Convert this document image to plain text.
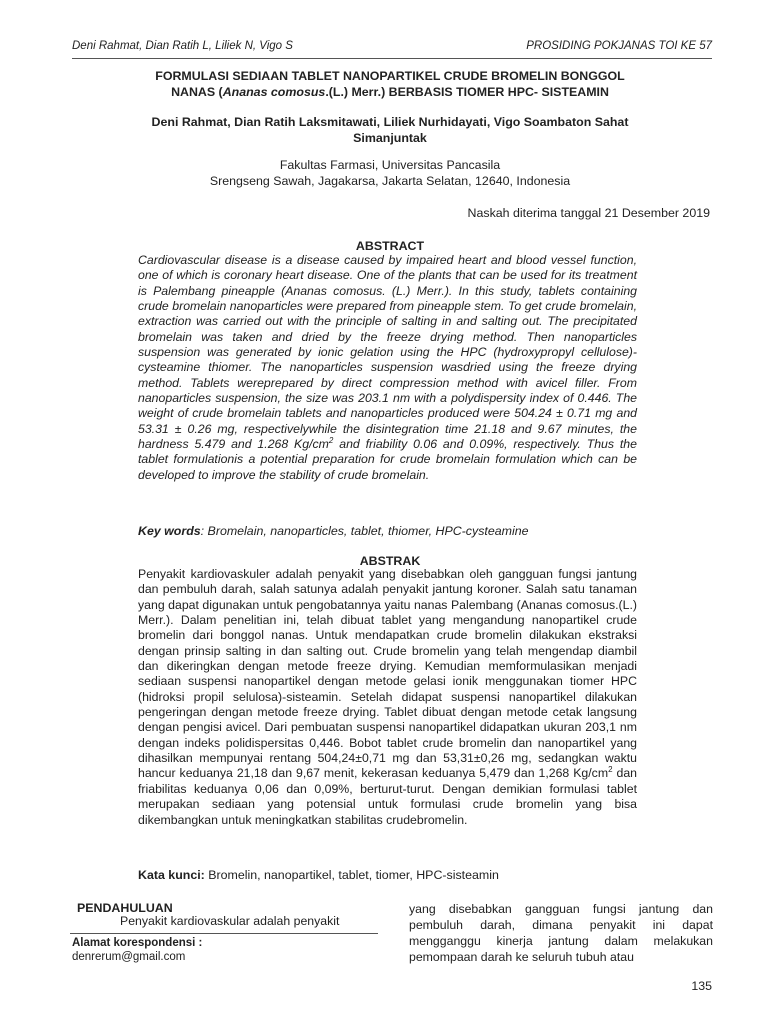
Deni Rahmat, Dian Ratih L, Liliek N, Vigo S	PROSIDING POKJANAS TOI KE 57
FORMULASI SEDIAAN TABLET NANOPARTIKEL CRUDE BROMELIN BONGGOL
NANAS (Ananas comosus.(L.) Merr.) BERBASIS TIOMER HPC- SISTEAMIN
Deni Rahmat, Dian Ratih Laksmitawati, Liliek Nurhidayati, Vigo Soambaton Sahat
Simanjuntak
Fakultas Farmasi, Universitas Pancasila
Srengseng Sawah, Jagakarsa, Jakarta Selatan, 12640, Indonesia
Naskah diterima tanggal 21 Desember 2019
ABSTRACT

Cardiovascular disease is a disease caused by impaired heart and blood vessel function, one of which is coronary heart disease. One of the plants that can be used for its treatment is Palembang pineapple (Ananas comosus. (L.) Merr.). In this study, tablets containing crude bromelain nanoparticles were prepared from pineapple stem. To get crude bromelain, extraction was carried out with the principle of salting in and salting out. The precipitated bromelain was taken and dried by the freeze drying method. Then nanoparticles suspension was generated by ionic gelation using the HPC (hydroxypropyl cellulose)-cysteamine thiomer. The nanoparticles suspension wasdried using the freeze drying method. Tablets wereprepared by direct compression method with avicel filler. From nanoparticles suspension, the size was 203.1 nm with a polydispersity index of 0.446. The weight of crude bromelain tablets and nanoparticles produced were 504.24 ± 0.71 mg and 53.31 ± 0.26 mg, respectivelywhile the disintegration time 21.18 and 9.67 minutes, the hardness 5.479 and 1.268 $Kg/cm^2$ and friability 0.06 and 0.09%, respectively. Thus the tablet formulationis a potential preparation for crude bromelain formulation which can be developed to improve the stability of crude bromelain.

Key words: Bromelain, nanoparticles, tablet, thiomer, HPC-cysteamine
ABSTRAK

Penyakit kardiovaskuler adalah penyakit yang disebabkan oleh gangguan fungsi jantung dan pembuluh darah, salah satunya adalah penyakit jantung koroner. Salah satu tanaman yang dapat digunakan untuk pengobatannya yaitu nanas Palembang (Ananas comosus.(L.) Merr.). Dalam penelitian ini, telah dibuat tablet yang mengandung nanopartikel crude bromelin dari bonggol nanas. Untuk mendapatkan crude bromelin dilakukan ekstraksi dengan prinsip salting in dan salting out. Crude bromelin yang telah mengendap diambil dan dikeringkan dengan metode freeze drying. Kemudian memformulasikan menjadi sediaan suspensi nanopartikel dengan metode gelasi ionik menggunakan tiomer HPC (hidroksi propil selulosa)-sisteamin. Setelah didapat suspensi nanopartikel dilakukan pengeringan dengan metode freeze drying. Tablet dibuat dengan metode cetak langsung dengan pengisi avicel. Dari pembuatan suspensi nanopartikel didapatkan ukuran 203,1 nm dengan indeks polidispersitas 0,446. Bobot tablet crude bromelin dan nanopartikel yang dihasilkan mempunyai rentang 504,24±0,71 mg dan 53,31±0,26 mg, sedangkan waktu hancur keduanya 21,18 dan 9,67 menit, kekerasan keduanya 5,479 dan 1,268 $Kg/cm^2$ dan friabilitas keduanya 0,06 dan 0,09%, berturut-turut. Dengan demikian formulasi tablet merupakan sediaan yang potensial untuk formulasi crude bromelin yang bisa dikembangkan untuk meningkatkan stabilitas crudebromelin.

Kata kunci: Bromelin, nanopartikel, tablet, tiomer, HPC-sisteamin
PENDAHULUAN
Penyakit kardiovaskular adalah penyakit
Alamat korespondensi :
denrerum@gmail.com

yang disebabkan gangguan fungsi jantung dan pembuluh darah, dimana penyakit ini dapat mengganggu kinerja jantung dalam melakukan pemompaan darah ke seluruh tubuh atau

135
